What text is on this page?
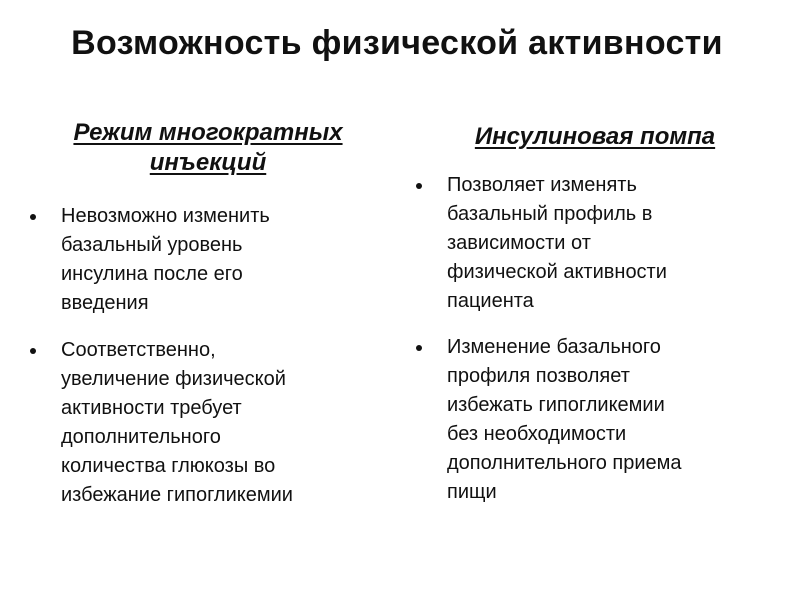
Возможность физической активности
Режим многократных
инъекций
Инсулиновая помпа
Невозможно изменить
базальный уровень
инсулина после его
введения
Соответственно,
увеличение физической
активности требует
дополнительного
количества глюкозы во
избежание гипогликемии
Позволяет изменять
базальный профиль в
зависимости от
физической активности
пациента
Изменение базального
профиля позволяет
избежать гипогликемии
без необходимости
дополнительного приема
пищи
